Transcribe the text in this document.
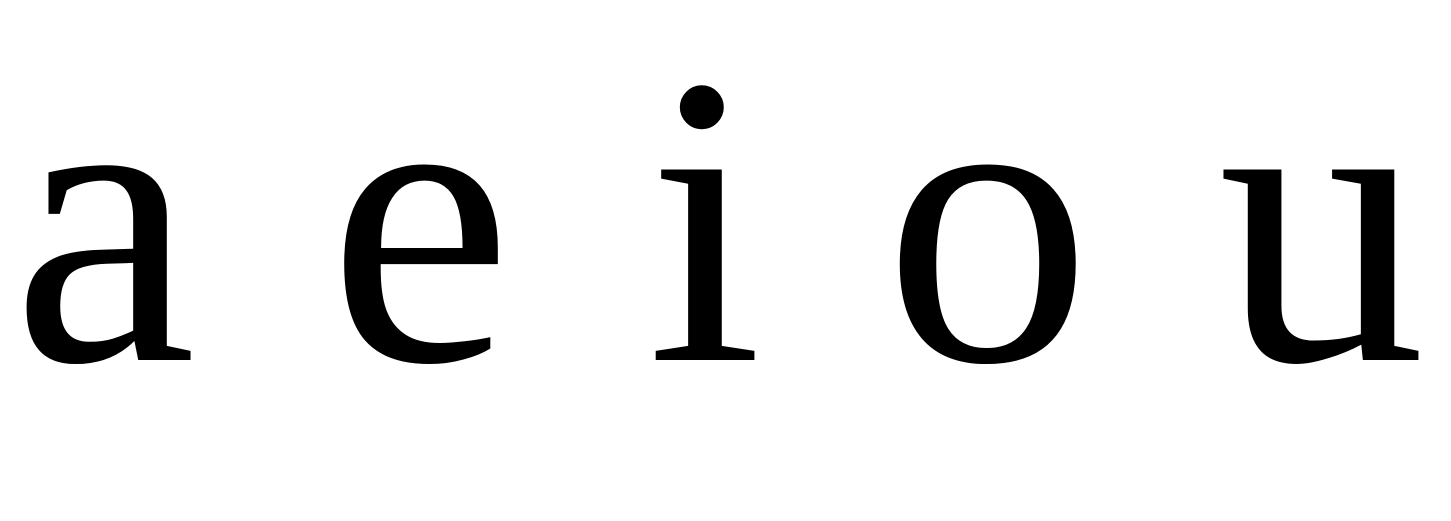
a e i o u
